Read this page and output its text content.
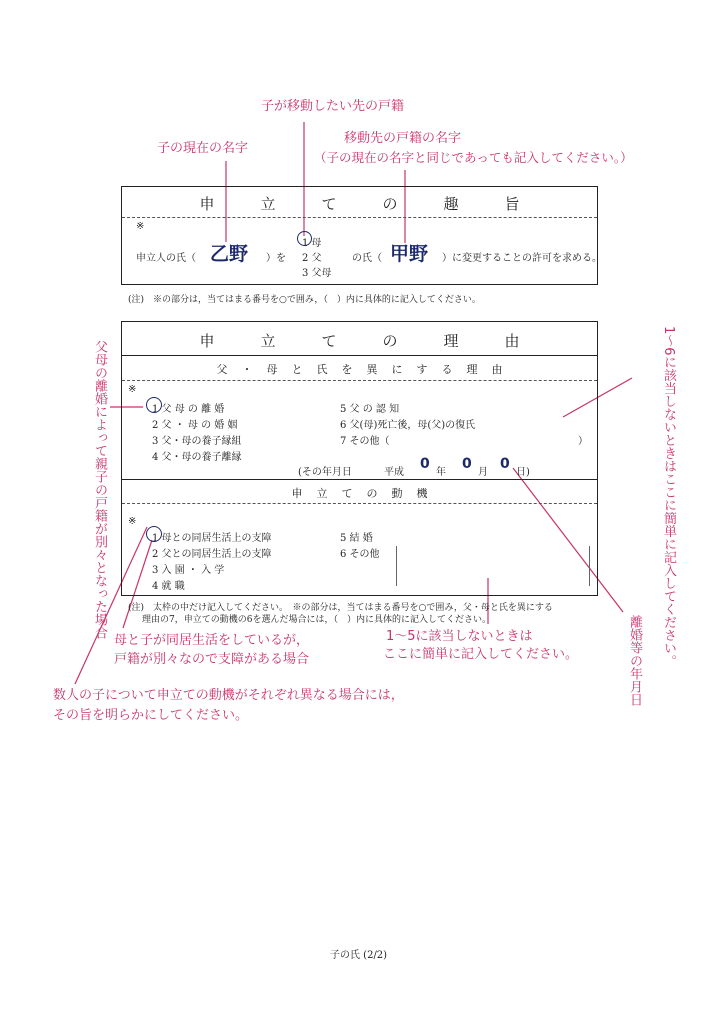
子が移動したい先の戸籍
子の現在の名字
移動先の戸籍の名字
（子の現在の名字と同じであっても記入してください。）
申立ての趣旨
※
申立人の氏（ 乙野 ）を
1 母
2 父
3 父母
の氏（ 甲野 ）に変更することの許可を求める。
(注)　※の部分は，当てはまる番号を○で囲み，（　）内に具体的に記入してください。
申立ての理由
父・母と氏を異にする理由
※
1 父 母 の 離 婚
2 父 ・ 母 の 婚 姻
3 父・母の養子縁組
4 父・母の養子離縁
5 父 の 認 知
6 父(母)死亡後，母(父)の復氏
7 その他（	）
(その年月日	平成
0
年
0
月
0
日)
申立ての動機
※
1 母との同居生活上の支障
2 父との同居生活上の支障
3 入 園 ・ 入 学
4 就 職
5 結 婚
6 その他
(注)　太枠の中だけ記入してください。　※の部分は，当てはまる番号を○で囲み，父・母と氏を異にする
理由の7，申立ての動機の6を選んだ場合には，（　）内に具体的に記入してください。
父母の離婚によって親子の戸籍が別々となった場合	1～6に該当しないときはここに簡単に記入してください。
離婚等の年月日
1～5に該当しないときは
ここに簡単に記入してください。
母と子が同居生活をしているが，
戸籍が別々なので支障がある場合
数人の子について申立ての動機がそれぞれ異なる場合には，
その旨を明らかにしてください。
子の氏 (2/2)
